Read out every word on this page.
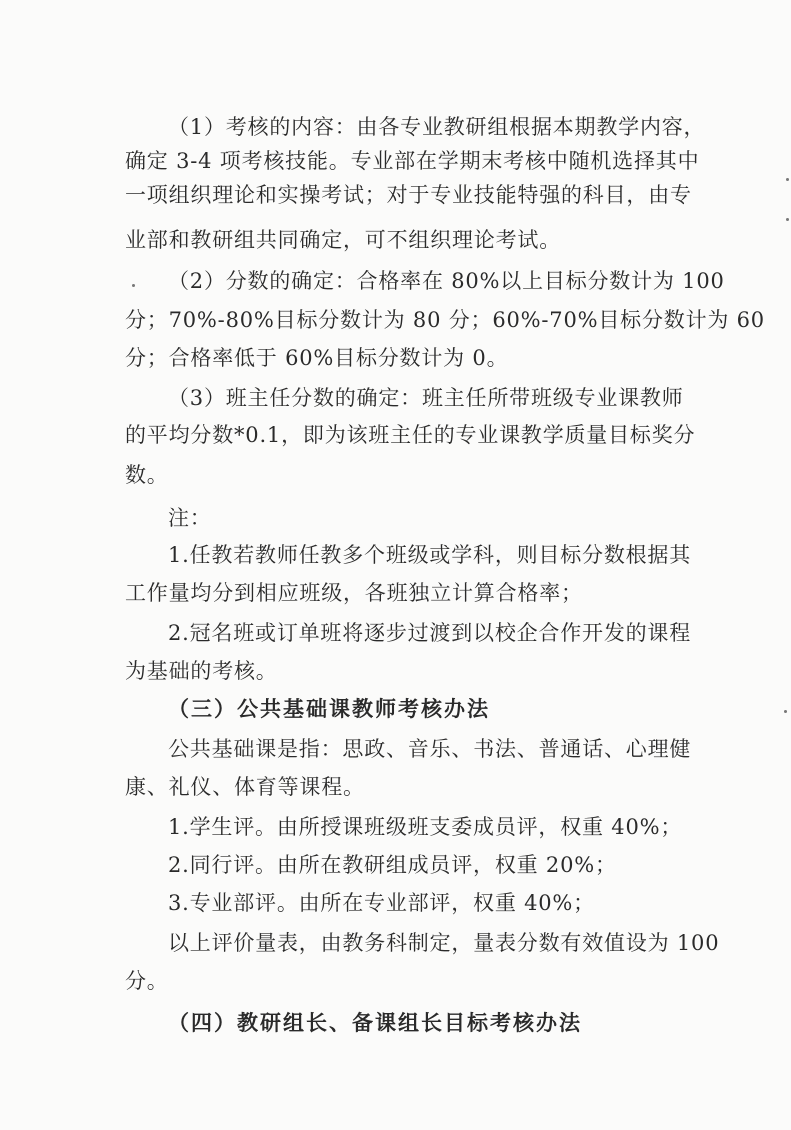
（1）考核的内容：由各专业教研组根据本期教学内容，
确定 3-4 项考核技能。专业部在学期末考核中随机选择其中
一项组织理论和实操考试；对于专业技能特强的科目，由专
业部和教研组共同确定，可不组织理论考试。
（2）分数的确定：合格率在 80%以上目标分数计为 100
分；70%-80%目标分数计为 80 分；60%-70%目标分数计为 60
分；合格率低于 60%目标分数计为 0。
（3）班主任分数的确定：班主任所带班级专业课教师
的平均分数*0.1，即为该班主任的专业课教学质量目标奖分
数。
注：
1.任教若教师任教多个班级或学科，则目标分数根据其
工作量均分到相应班级，各班独立计算合格率；
2.冠名班或订单班将逐步过渡到以校企合作开发的课程
为基础的考核。
（三）公共基础课教师考核办法
公共基础课是指：思政、音乐、书法、普通话、心理健
康、礼仪、体育等课程。
1.学生评。由所授课班级班支委成员评，权重 40%；
2.同行评。由所在教研组成员评，权重 20%；
3.专业部评。由所在专业部评，权重 40%；
以上评价量表，由教务科制定，量表分数有效值设为 100
分。
（四）教研组长、备课组长目标考核办法
